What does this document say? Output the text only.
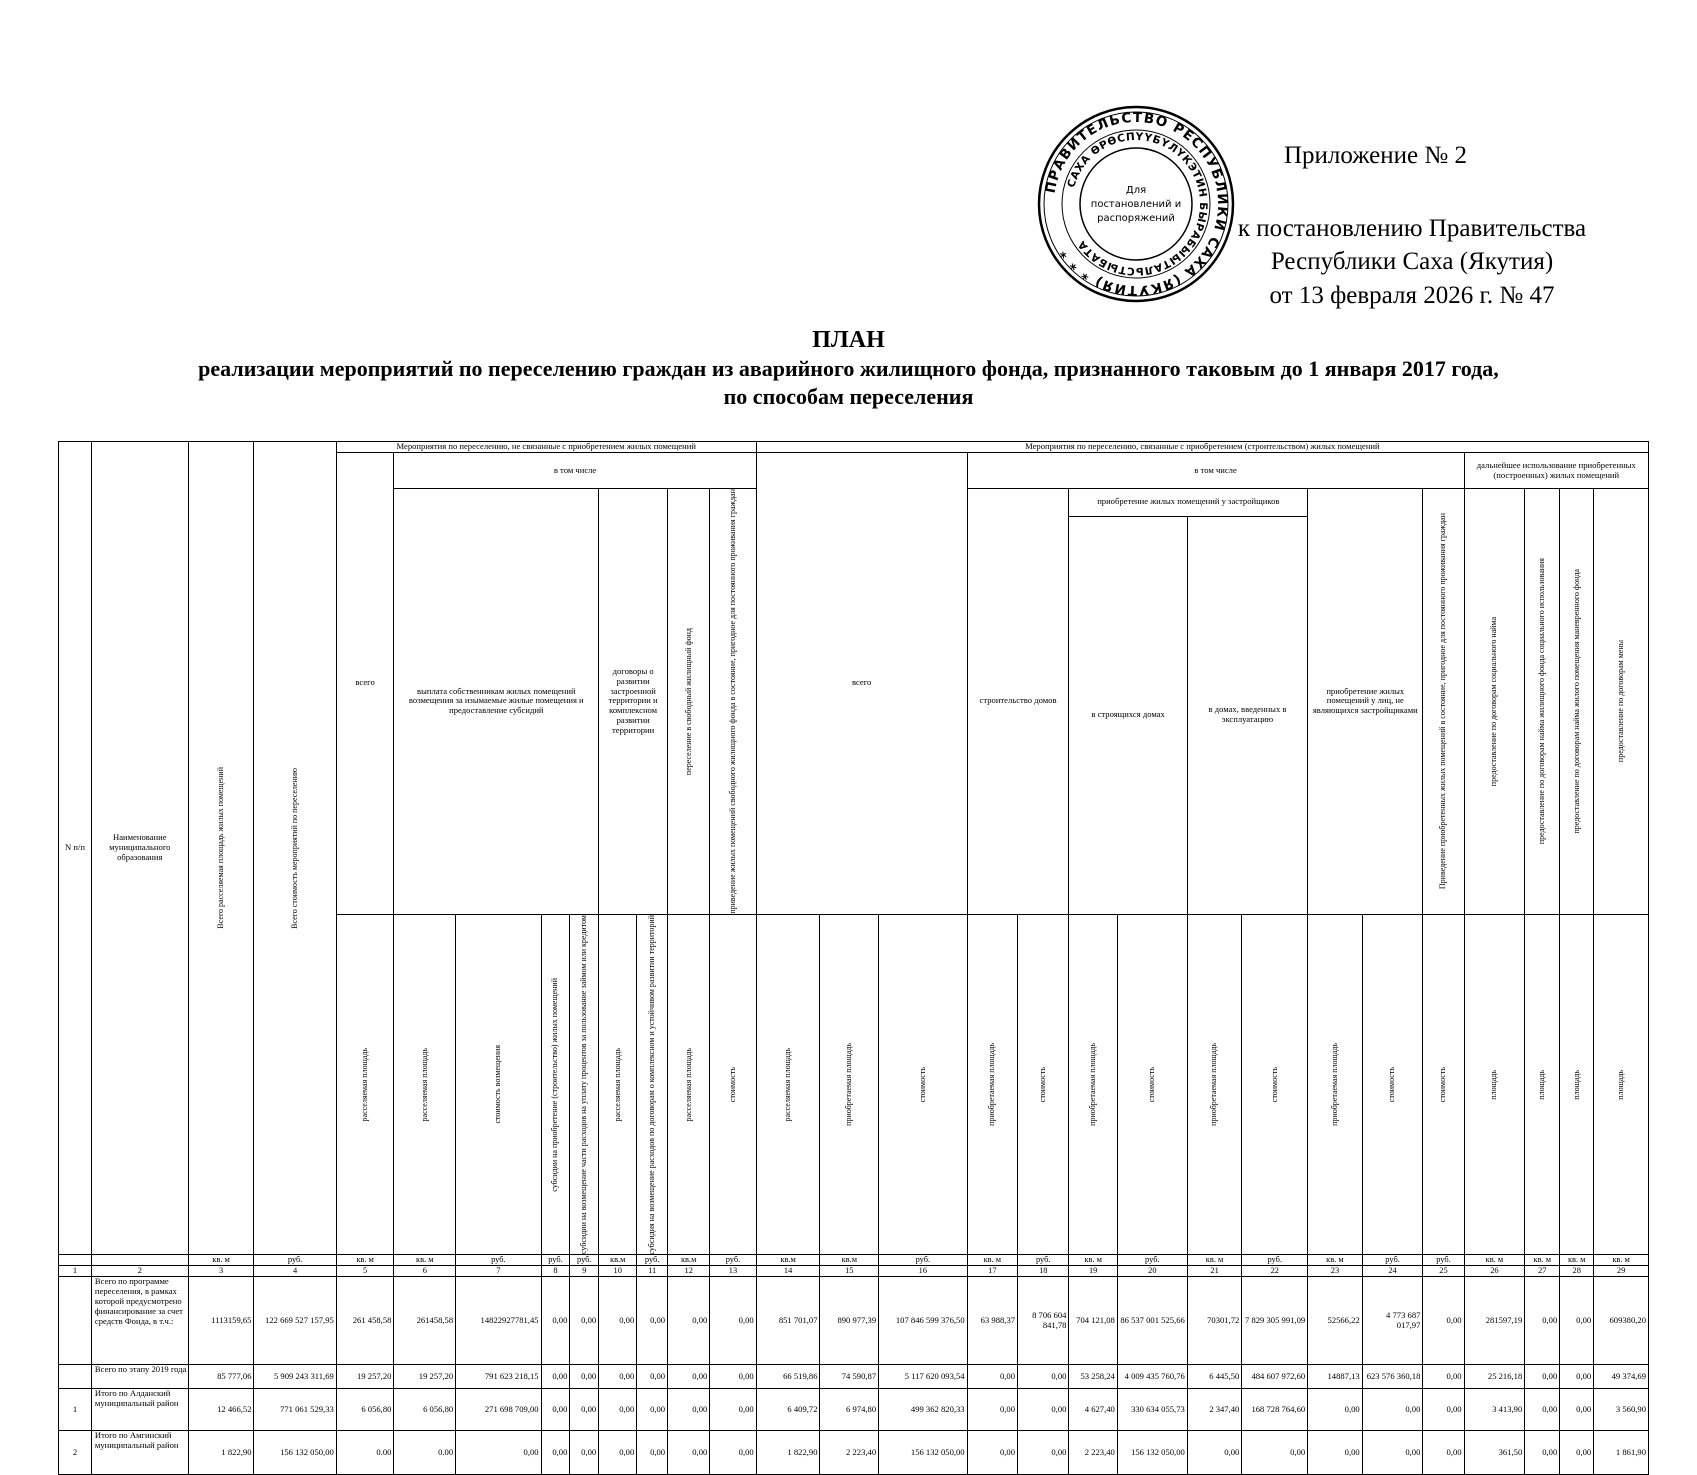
Приложение № 2
к постановлению Правительства
Республики Саха (Якутия)
от 13 февраля 2026 г. № 47
ПРАВИТЕЛЬСТВО РЕСПУБЛИКИ САХА (ЯКУТИЯ) * * *
САХА ӨРӨСПҮҮБҮЛҮКЭТИН БЫРАБЫЫТАЛЬСТЫБАТА
Для
постановлений и
распоряжений
ПЛАН
реализации мероприятий по переселению граждан из аварийного жилищного фонда, признанного таковым до 1 января 2017 года,
по способам переселения
N п/п	Наименование муниципального образования	Всего расселяемая площадь жилых помещений	Всего стоимость мероприятий по переселению	Мероприятия по переселению, не связанные с приобретением жилых помещений									Мероприятия по переселению, связанные с приобретением (строительством) жилых помещений															
				всего	в том числе								всего			в том числе									дальнейшее использование приобретенных (построенных) жилых помещений			
					выплата собственникам жилых помещений возмещения за изымаемые жилые помещения и предоставление субсидий				договоры о развитии застроенной территории и комплексном развитии территории		переселение в свободный жилищный фонд	приведение жилых помещений свободного жилищного фонда в состояние, пригодное для постоянного проживания граждан				строительство домов		приобретение жилых помещений у застройщиков				приобретение жилых помещений у лиц, не являющихся застройщиками		Приведение приобретенных жилых помещений в состояние, пригодное для постоянного проживания граждан	предоставление по договорам социального найма	предоставление по договорам найма жилищного фонда социального использования	предоставление по договорам найма жилого помещения маневренного фонда	предоставление по договорам мены

																		в строящихся домах		в домах, введенных в эксплуатацию								

				расселяемая площадь	расселяемая площадь	стоимость возмещения	субсидии на приобретение (строительство) жилых помещений	субсидии на возмещение части расходов на уплату процентов за пользование займом или кредитом	расселяемая площадь	субсидия на возмещение расходов по договорам о комплексном и устойчивом развитии территорий	расселяемая площадь	стоимость	расселяемая площадь	приобретаемая площадь	стоимость	приобретаемая площадь	стоимость	приобретаемая площадь	стоимость	приобретаемая площадь	стоимость	приобретаемая площадь	стоимость	стоимость	площадь	площадь	площадь	площадь

		кв. м	руб.	кв. м	кв. м	руб.	руб.	руб.	кв.м	руб.	кв.м	руб.	кв.м	кв.м	руб.	кв. м	руб.	кв. м	руб.	кв. м	руб.	кв. м	руб.	руб.	кв. м	кв. м	кв. м	кв. м
1	2	3	4	5	6	7	8	9	10	11	12	13	14	15	16	17	18	19	20	21	22	23	24	25	26	27	28	29
	Всего по программе переселения, в рамках которой предусмотрено финансирование за счет средств Фонда, в т.ч.:	1113159,65	122 669 527 157,95	261 458,58	261458,58	14822927781,45	0,00	0,00	0,00	0,00	0,00	0,00	851 701,07	890 977,39	107 846 599 376,50	63 988,37	8 706 604 841,78	704 121,08	86 537 001 525,66	70301,72	7 829 305 991,09	52566,22	4 773 687 017,97	0,00	281597,19	0,00	0,00	609380,20
	Всего по этапу 2019 года	85 777,06	5 909 243 311,69	19 257,20	19 257,20	791 623 218,15	0,00	0,00	0,00	0,00	0,00	0,00	66 519,86	74 590,87	5 117 620 093,54	0,00	0,00	53 258,24	4 009 435 760,76	6 445,50	484 607 972,60	14887,13	623 576 360,18	0,00	25 216,18	0,00	0,00	49 374,69
1	Итого по Алданский муниципальный район	12 466,52	771 061 529,33	6 056,80	6 056,80	271 698 709,00	0,00	0,00	0,00	0,00	0,00	0,00	6 409,72	6 974,80	499 362 820,33	0,00	0,00	4 627,40	330 634 055,73	2 347,40	168 728 764,60	0,00	0,00	0,00	3 413,90	0,00	0,00	3 560,90
2	Итого по Амгинский муниципальный район	1 822,90	156 132 050,00	0.00	0.00	0,00	0,00	0,00	0,00	0,00	0,00	0,00	1 822,90	2 223,40	156 132 050,00	0,00	0,00	2 223,40	156 132 050,00	0,00	0,00	0,00	0,00	0,00	361,50	0,00	0,00	1 861,90
